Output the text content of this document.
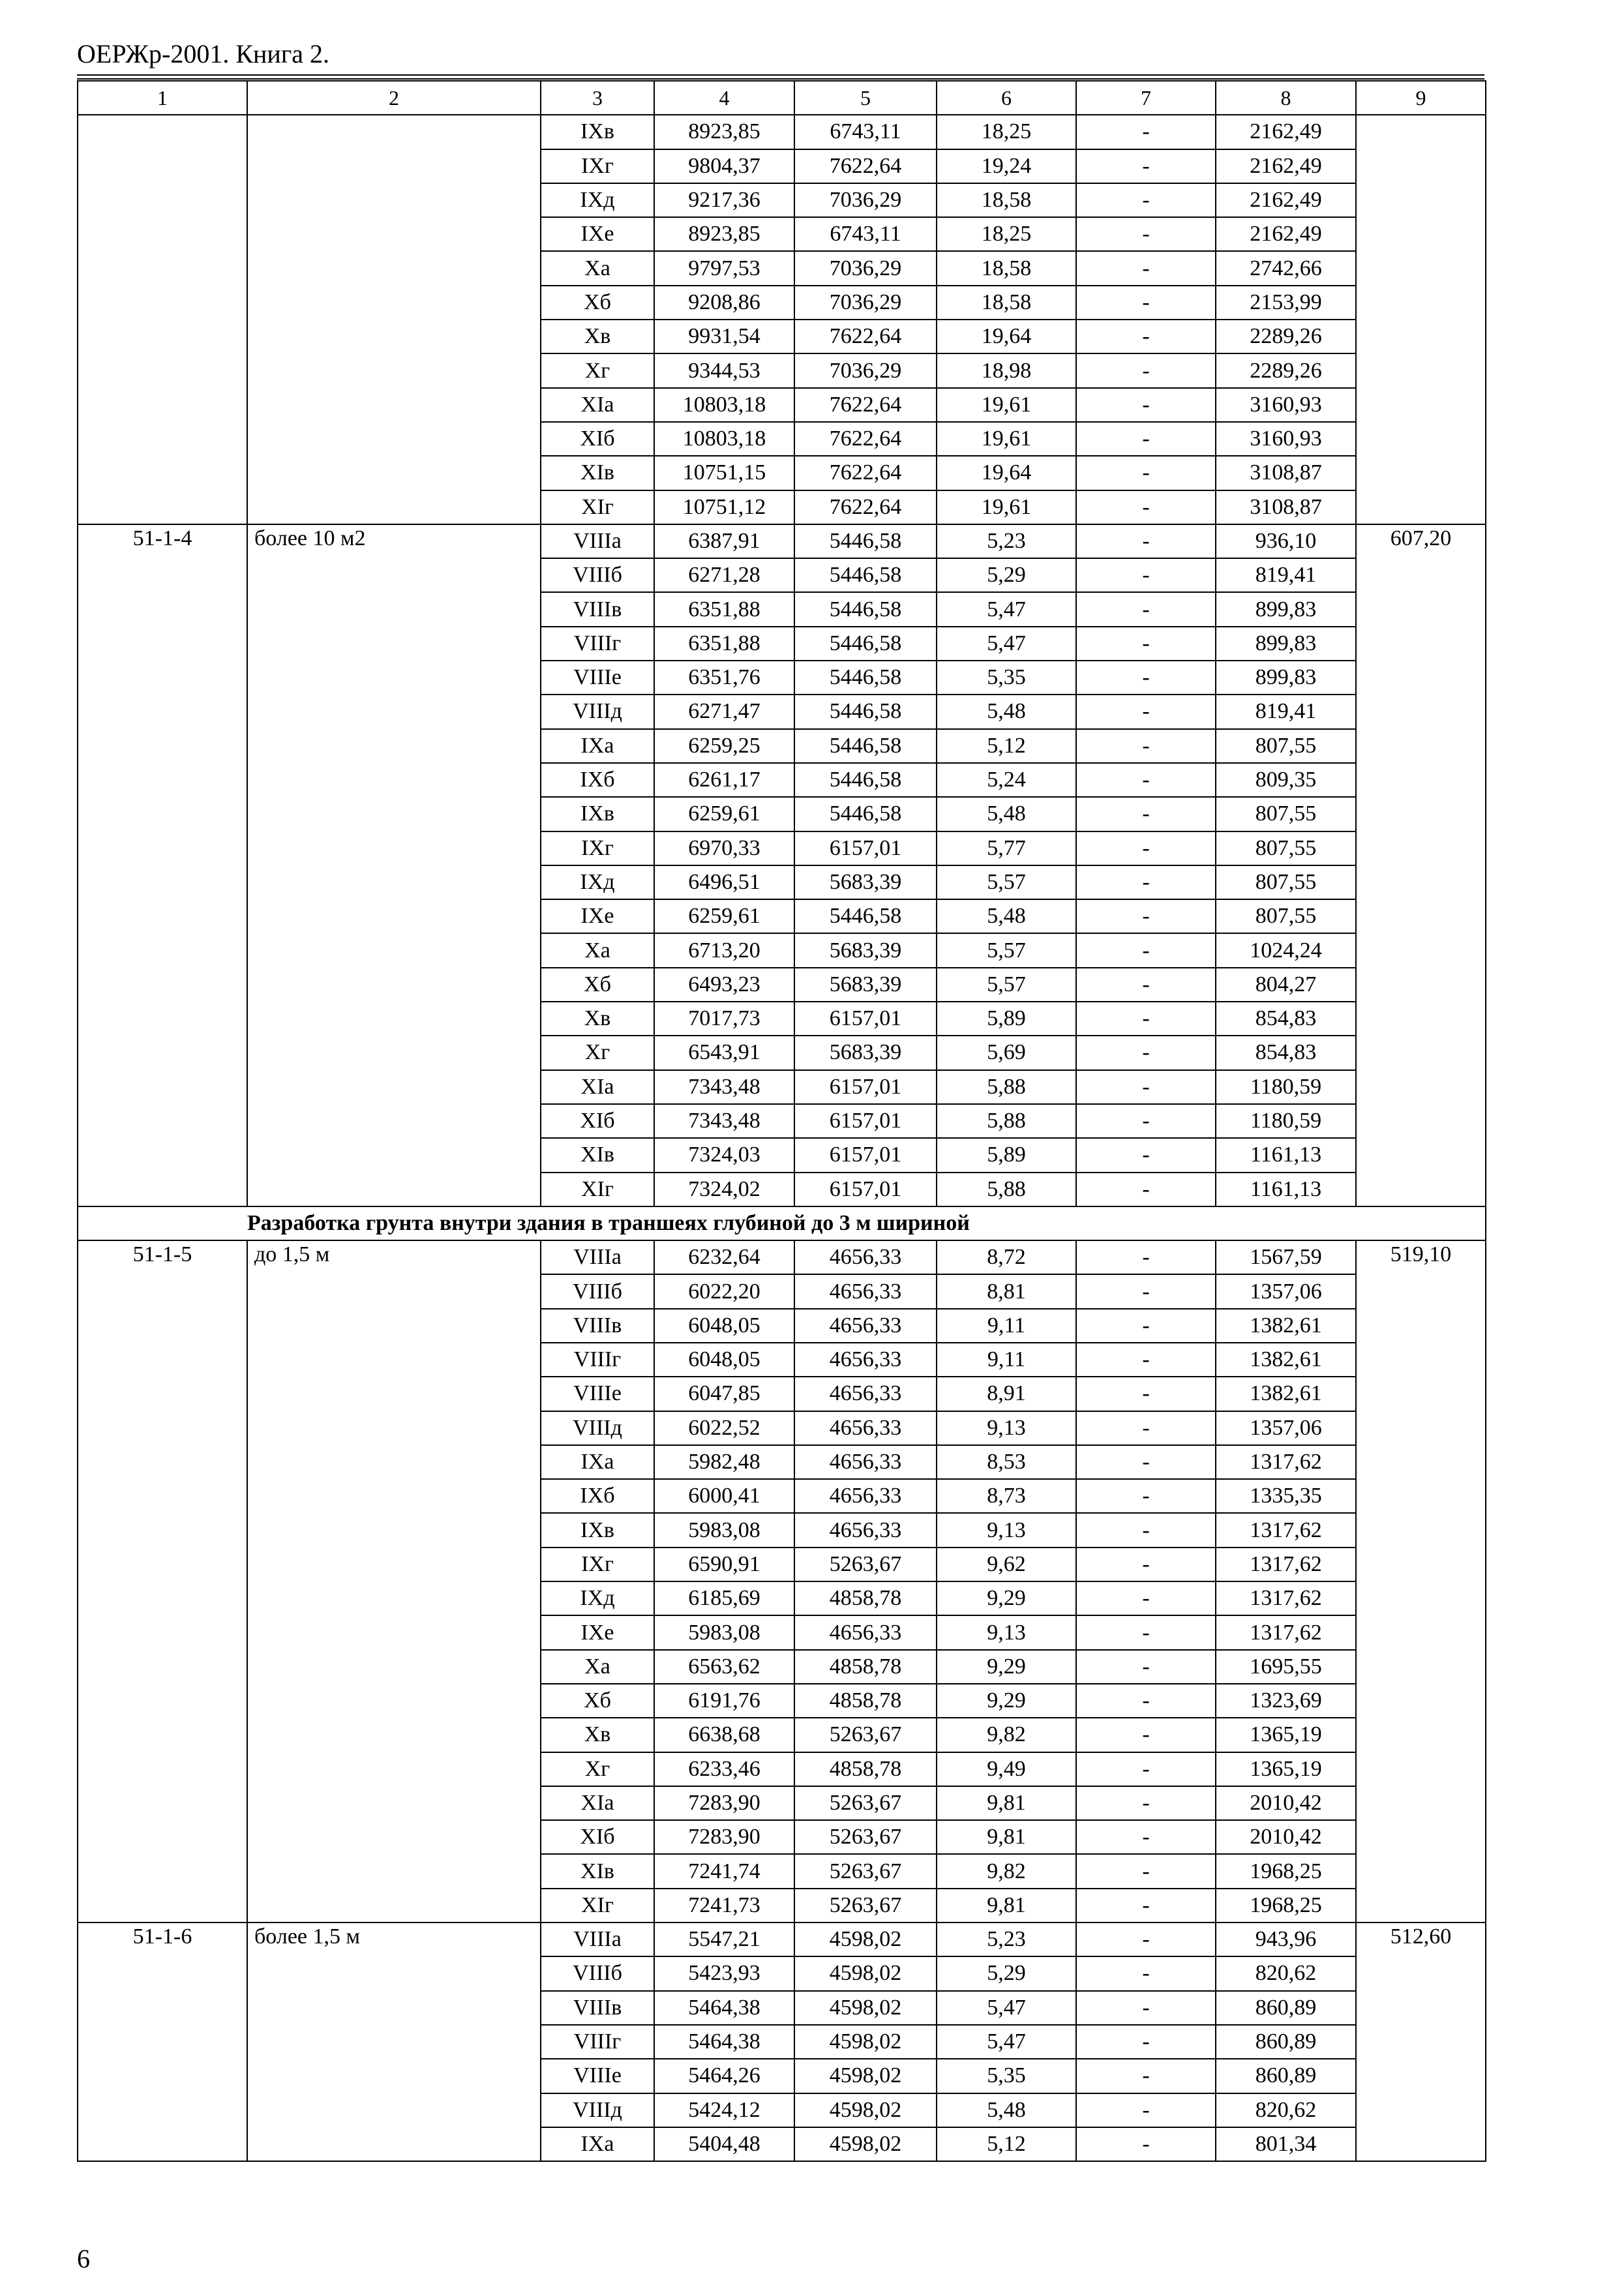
ОЕРЖр-2001. Книга 2.
1	2	3	4	5	6	7	8	9
		IXв	8923,85	6743,11	18,25	-	2162,49	
		IXг	9804,37	7622,64	19,24	-	2162,49	
		IXд	9217,36	7036,29	18,58	-	2162,49	
		IXе	8923,85	6743,11	18,25	-	2162,49	
		Xа	9797,53	7036,29	18,58	-	2742,66	
		Xб	9208,86	7036,29	18,58	-	2153,99	
		Xв	9931,54	7622,64	19,64	-	2289,26	
		Xг	9344,53	7036,29	18,98	-	2289,26	
		XIа	10803,18	7622,64	19,61	-	3160,93	
		XIб	10803,18	7622,64	19,61	-	3160,93	
		XIв	10751,15	7622,64	19,64	-	3108,87	
		XIг	10751,12	7622,64	19,61	-	3108,87	
51-1-4	более 10 м2	VIIIа	6387,91	5446,58	5,23	-	936,10	607,20
		VIIIб	6271,28	5446,58	5,29	-	819,41	
		VIIIв	6351,88	5446,58	5,47	-	899,83	
		VIIIг	6351,88	5446,58	5,47	-	899,83	
		VIIIе	6351,76	5446,58	5,35	-	899,83	
		VIIIд	6271,47	5446,58	5,48	-	819,41	
		IXа	6259,25	5446,58	5,12	-	807,55	
		IXб	6261,17	5446,58	5,24	-	809,35	
		IXв	6259,61	5446,58	5,48	-	807,55	
		IXг	6970,33	6157,01	5,77	-	807,55	
		IXд	6496,51	5683,39	5,57	-	807,55	
		IXе	6259,61	5446,58	5,48	-	807,55	
		Xа	6713,20	5683,39	5,57	-	1024,24	
		Xб	6493,23	5683,39	5,57	-	804,27	
		Xв	7017,73	6157,01	5,89	-	854,83	
		Xг	6543,91	5683,39	5,69	-	854,83	
		XIа	7343,48	6157,01	5,88	-	1180,59	
		XIб	7343,48	6157,01	5,88	-	1180,59	
		XIв	7324,03	6157,01	5,89	-	1161,13	
		XIг	7324,02	6157,01	5,88	-	1161,13	
	Разработка грунта внутри здания в траншеях глубиной до 3 м шириной							
51-1-5	до 1,5 м	VIIIа	6232,64	4656,33	8,72	-	1567,59	519,10
		VIIIб	6022,20	4656,33	8,81	-	1357,06	
		VIIIв	6048,05	4656,33	9,11	-	1382,61	
		VIIIг	6048,05	4656,33	9,11	-	1382,61	
		VIIIе	6047,85	4656,33	8,91	-	1382,61	
		VIIIд	6022,52	4656,33	9,13	-	1357,06	
		IXа	5982,48	4656,33	8,53	-	1317,62	
		IXб	6000,41	4656,33	8,73	-	1335,35	
		IXв	5983,08	4656,33	9,13	-	1317,62	
		IXг	6590,91	5263,67	9,62	-	1317,62	
		IXд	6185,69	4858,78	9,29	-	1317,62	
		IXе	5983,08	4656,33	9,13	-	1317,62	
		Xа	6563,62	4858,78	9,29	-	1695,55	
		Xб	6191,76	4858,78	9,29	-	1323,69	
		Xв	6638,68	5263,67	9,82	-	1365,19	
		Xг	6233,46	4858,78	9,49	-	1365,19	
		XIа	7283,90	5263,67	9,81	-	2010,42	
		XIб	7283,90	5263,67	9,81	-	2010,42	
		XIв	7241,74	5263,67	9,82	-	1968,25	
		XIг	7241,73	5263,67	9,81	-	1968,25	
51-1-6	более 1,5 м	VIIIа	5547,21	4598,02	5,23	-	943,96	512,60
		VIIIб	5423,93	4598,02	5,29	-	820,62	
		VIIIв	5464,38	4598,02	5,47	-	860,89	
		VIIIг	5464,38	4598,02	5,47	-	860,89	
		VIIIе	5464,26	4598,02	5,35	-	860,89	
		VIIIд	5424,12	4598,02	5,48	-	820,62	
		IXа	5404,48	4598,02	5,12	-	801,34	
6
